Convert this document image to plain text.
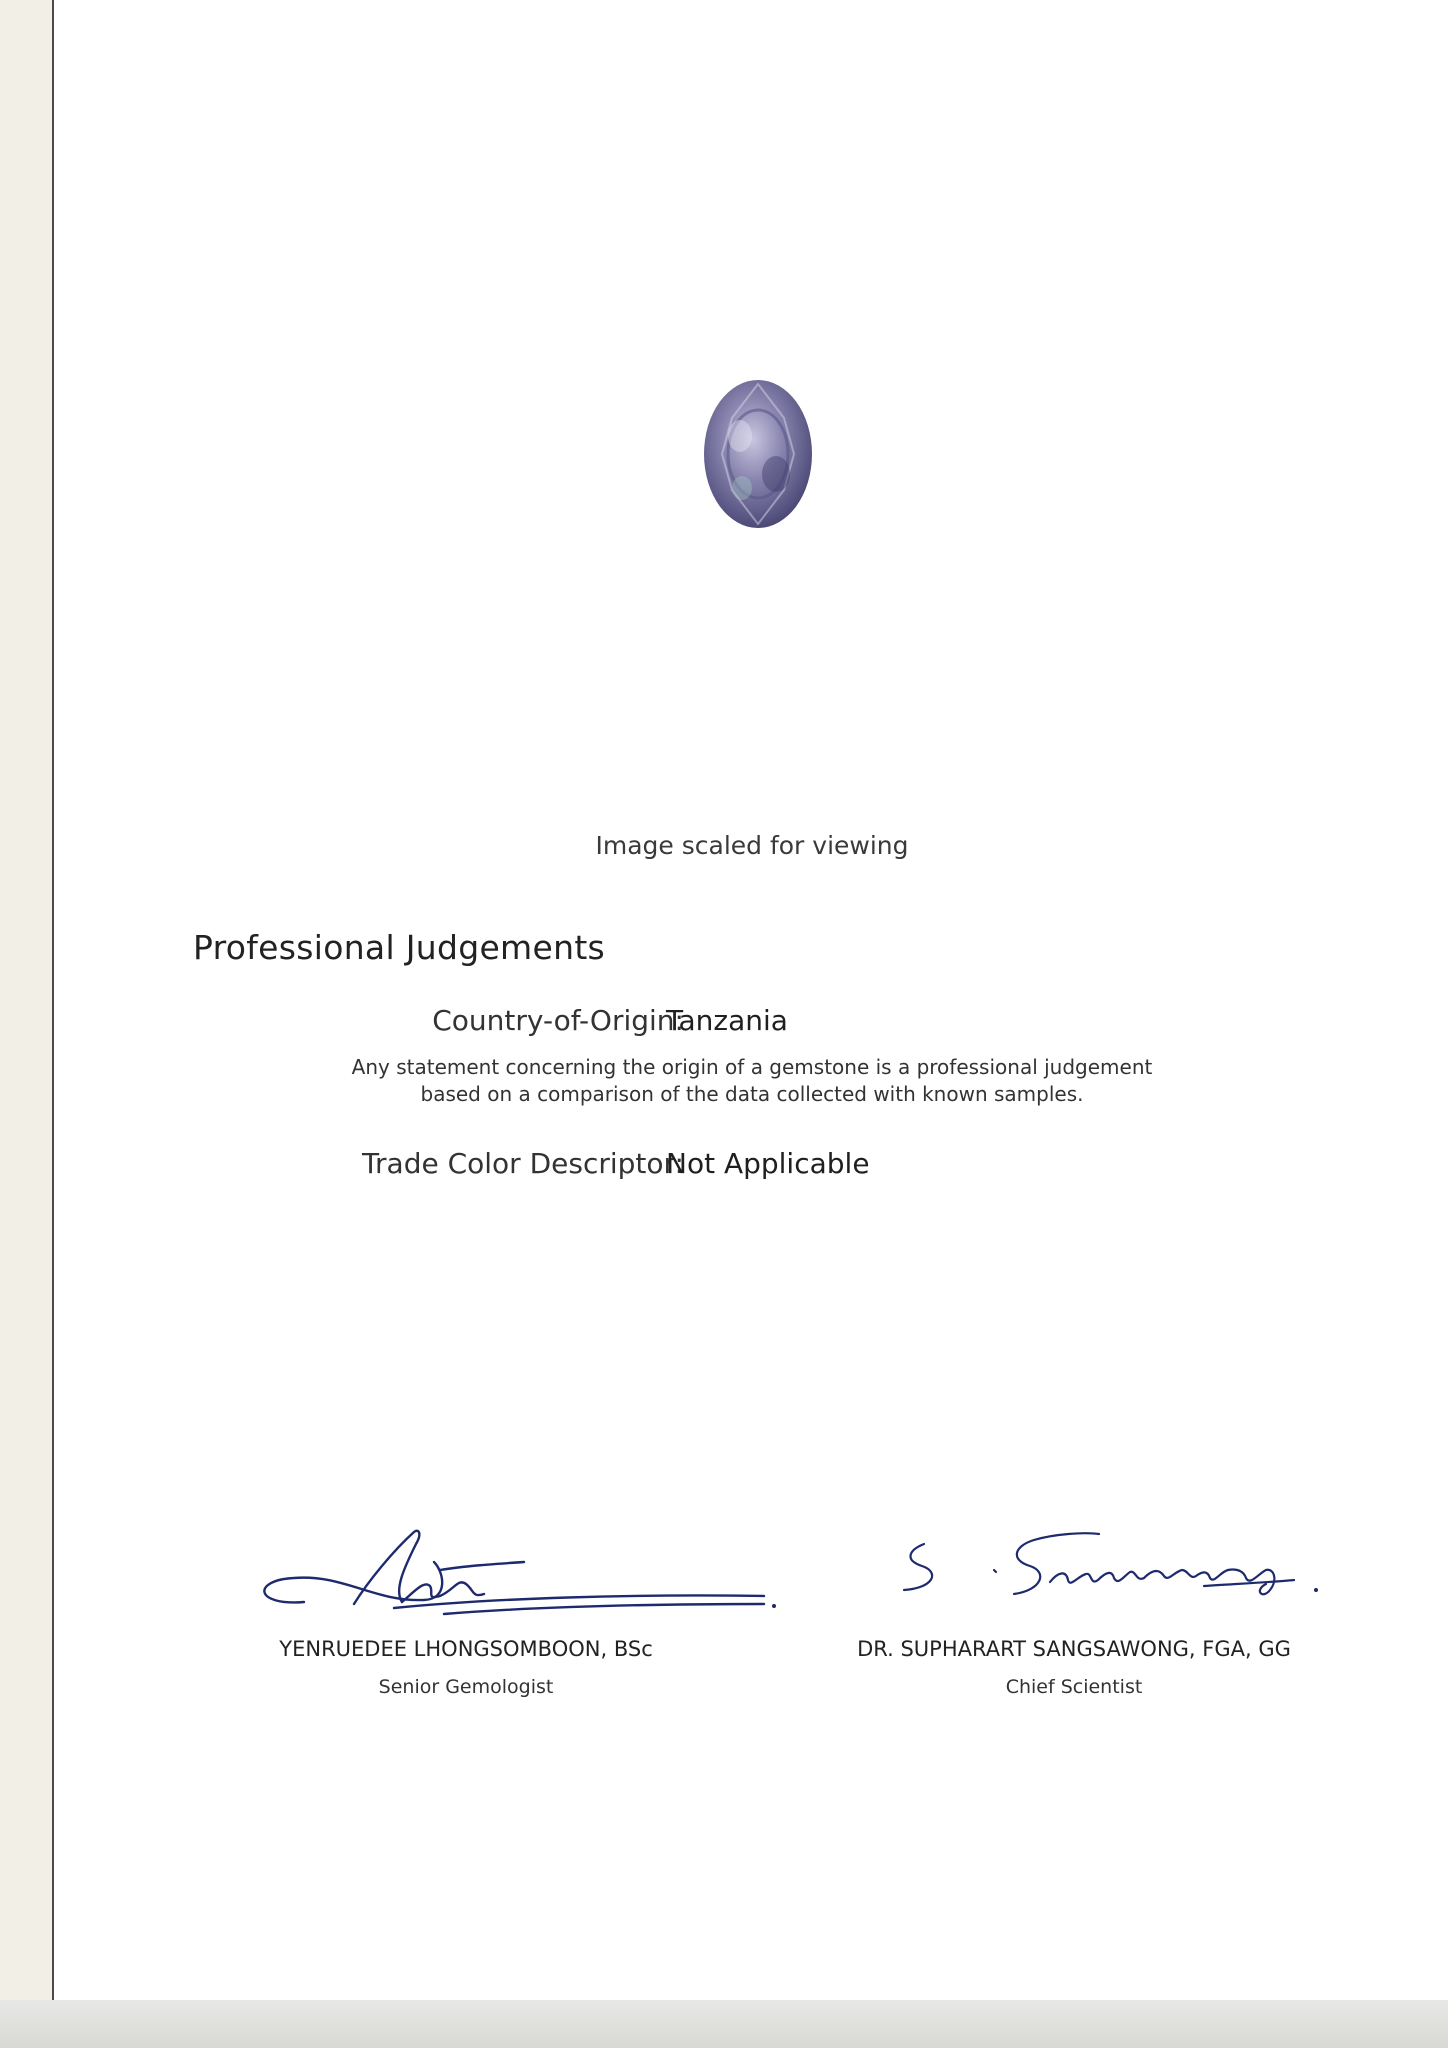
Image scaled for viewing
Professional Judgements
Country-of-Origin:
Tanzania
Any statement concerning the origin of a gemstone is a professional judgement
based on a comparison of the data collected with known samples.
Trade Color Descriptor:
Not Applicable
YENRUEDEE LHONGSOMBOON, BSc
Senior Gemologist
DR. SUPHARART SANGSAWONG, FGA, GG
Chief Scientist
